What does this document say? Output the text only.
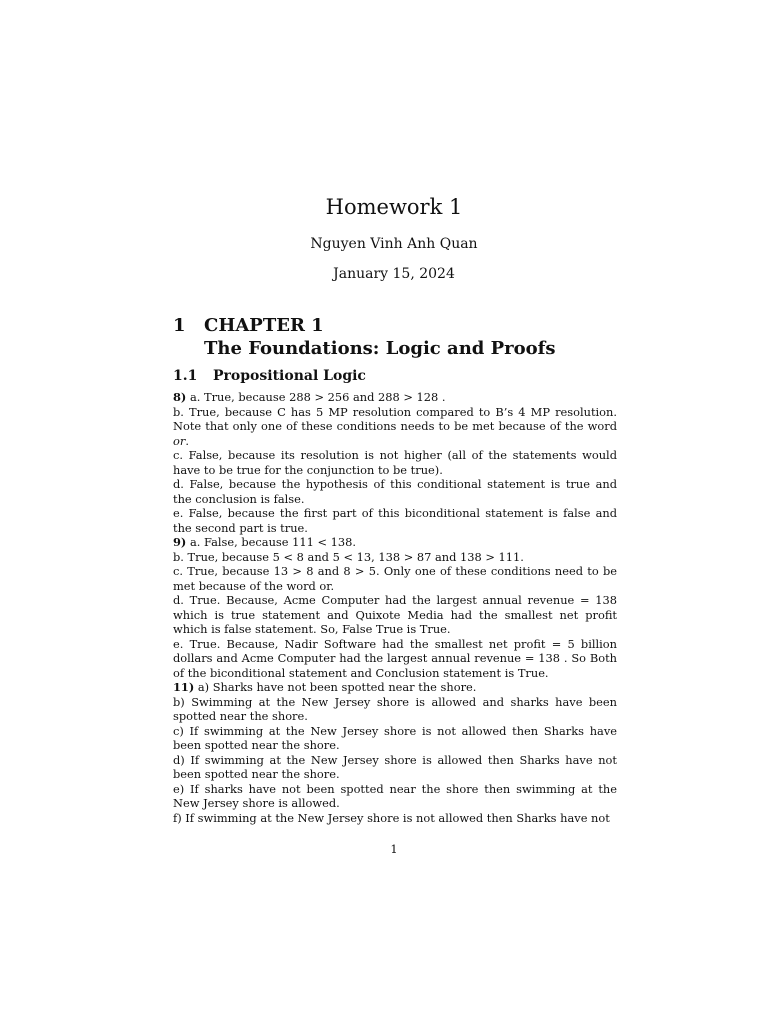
Homework 1
Nguyen Vinh Anh Quan
January 15, 2024
1 CHAPTER 1
The Foundations: Logic and Proofs
1.1 Propositional Logic

8) a. True, because 288 > 256 and 288 > 128 .

b. True, because C has 5 MP resolution compared to B’s 4 MP resolution. Note that only one of these conditions needs to be met because of the word or.

c. False, because its resolution is not higher (all of the statements would have to be true for the conjunction to be true).

d. False, because the hypothesis of this conditional statement is true and the conclusion is false.

e. False, because the first part of this biconditional statement is false and the second part is true.

9) a. False, because 111 < 138.

b. True, because 5 < 8 and 5 < 13, 138 > 87 and 138 > 111.

c. True, because 13 > 8 and 8 > 5. Only one of these conditions need to be met because of the word or.

d. True. Because, Acme Computer had the largest annual revenue = 138 which is true statement and Quixote Media had the smallest net profit which is false statement. So, False True is True.

e. True. Because, Nadir Software had the smallest net profit = 5 billion dollars and Acme Computer had the largest annual revenue = 138 . So Both of the biconditional statement and Conclusion statement is True.

11) a) Sharks have not been spotted near the shore.

b) Swimming at the New Jersey shore is allowed and sharks have been spotted near the shore.

c) If swimming at the New Jersey shore is not allowed then Sharks have been spotted near the shore.

d) If swimming at the New Jersey shore is allowed then Sharks have not been spotted near the shore.

e) If sharks have not been spotted near the shore then swimming at the New Jersey shore is allowed.

f) If swimming at the New Jersey shore is not allowed then Sharks have not

1
